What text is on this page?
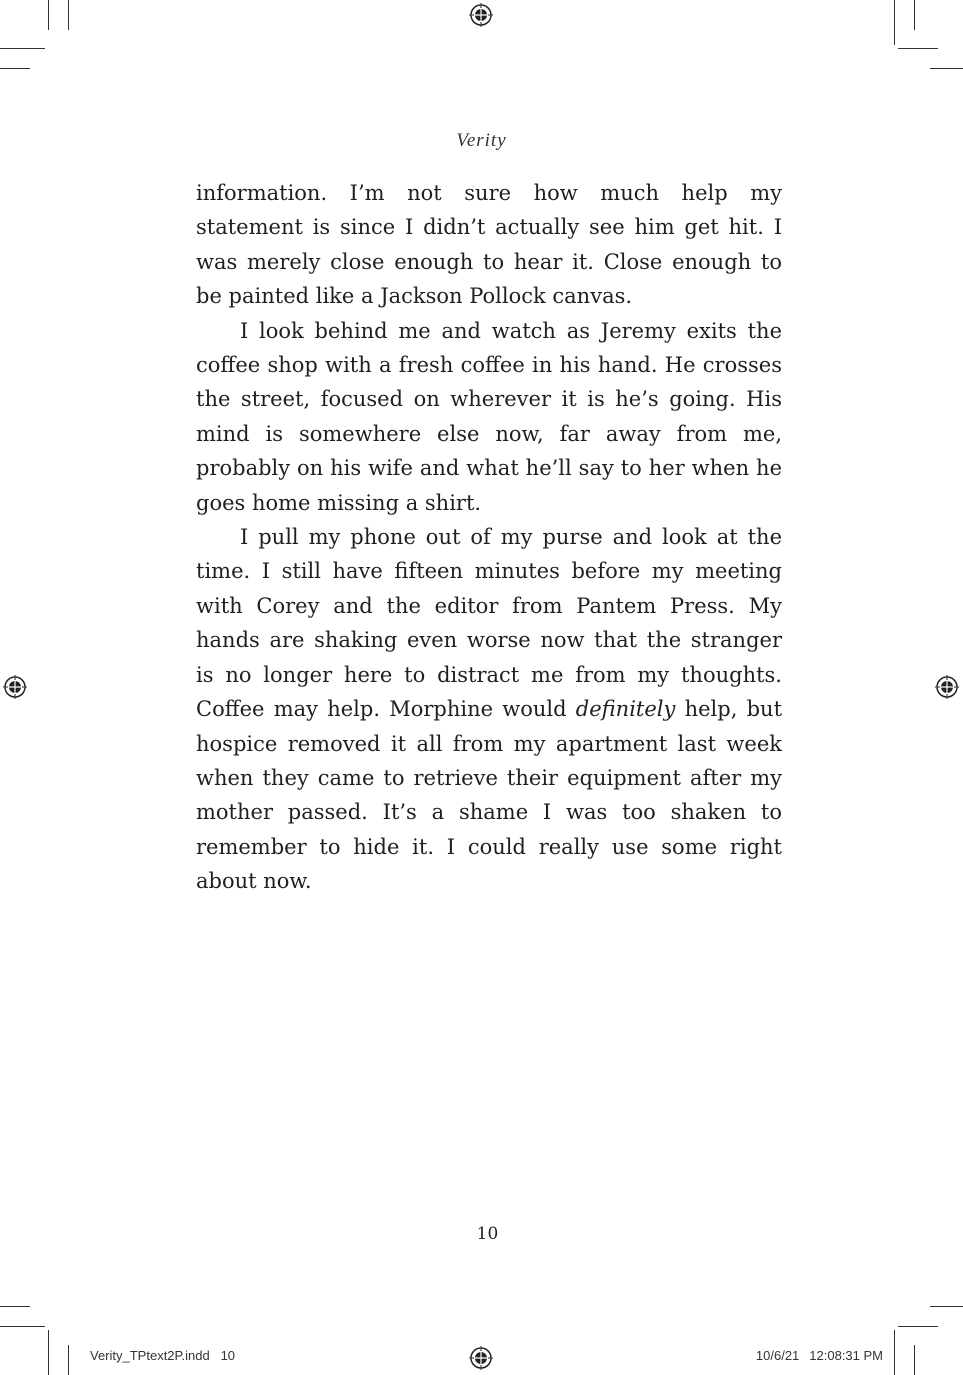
Verity

information. I’m not sure how much help my statement is since I didn’t actually see him get hit. I was merely close enough to hear it. Close enough to be painted like a Jackson Pollock canvas.

I look behind me and watch as Jeremy exits the coffee shop with a fresh coffee in his hand. He crosses the street, focused on wherever it is he’s going. His mind is somewhere else now, far away from me, probably on his wife and what he’ll say to her when he goes home missing a shirt.

I pull my phone out of my purse and look at the time. I still have fifteen minutes before my meeting with Corey and the editor from Pantem Press. My hands are shaking even worse now that the stranger is no longer here to distract me from my thoughts. Coffee may help. Morphine would definitely help, but hospice removed it all from my apartment last week when they came to retrieve their equipment after my mother passed. It’s a shame I was too shaken to remember to hide it. I could really use some right about now.

10
Verity_TPtext2P.indd 10	10/6/21 12:08:31 PM
